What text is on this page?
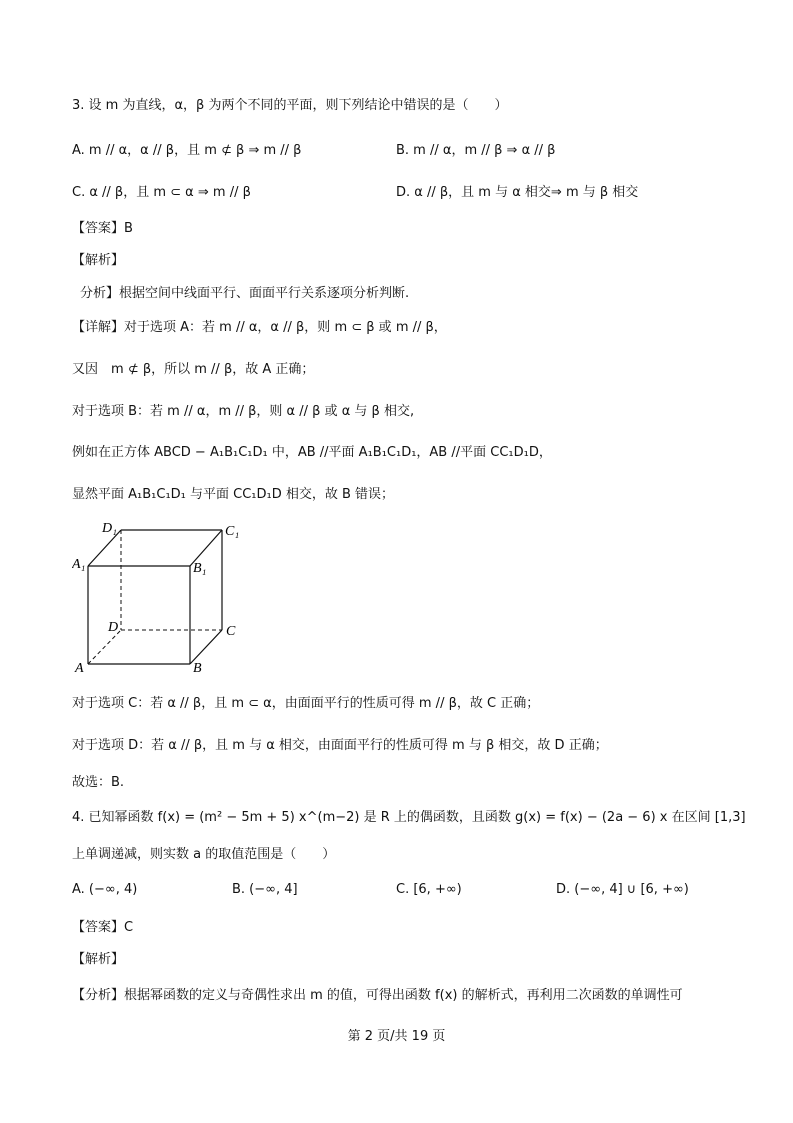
3. 设 m 为直线，α，β 为两个不同的平面，则下列结论中错误的是（　　）
A. m // α，α // β，且 m ⊄ β ⇒ m // β	B. m // α，m // β ⇒ α // β
C. α // β，且 m ⊂ α ⇒ m // β	D. α // β，且 m 与 α 相交⇒ m 与 β 相交
【答案】B
【解析】
分析】根据空间中线面平行、面面平行关系逐项分析判断.
【详解】对于选项 A：若 m // α，α // β，则 m ⊂ β 或 m // β，
又因　m ⊄ β，所以 m // β，故 A 正确；
对于选项 B：若 m // α，m // β，则 α // β 或 α 与 β 相交,
例如在正方体 ABCD − A₁B₁C₁D₁ 中，AB //平面 A₁B₁C₁D₁，AB //平面 CC₁D₁D，
显然平面 A₁B₁C₁D₁ 与平面 CC₁D₁D 相交，故 B 错误；
D₁	C₁
A₁	B₁
D	C
A	B
对于选项 C：若 α // β，且 m ⊂ α，由面面平行的性质可得 m // β，故 C 正确；
对于选项 D：若 α // β，且 m 与 α 相交，由面面平行的性质可得 m 与 β 相交，故 D 正确；
故选：B.
4. 已知幂函数 f(x) = (m² − 5m + 5) x^(m−2) 是 R 上的偶函数，且函数 g(x) = f(x) − (2a − 6) x 在区间 [1,3]
上单调递减，则实数 a 的取值范围是（　　）
A. (−∞, 4)	B. (−∞, 4]	C. [6, +∞)	D. (−∞, 4] ∪ [6, +∞)
【答案】C
【解析】
【分析】根据幂函数的定义与奇偶性求出 m 的值，可得出函数 f(x) 的解析式，再利用二次函数的单调性可
第 2 页/共 19 页
